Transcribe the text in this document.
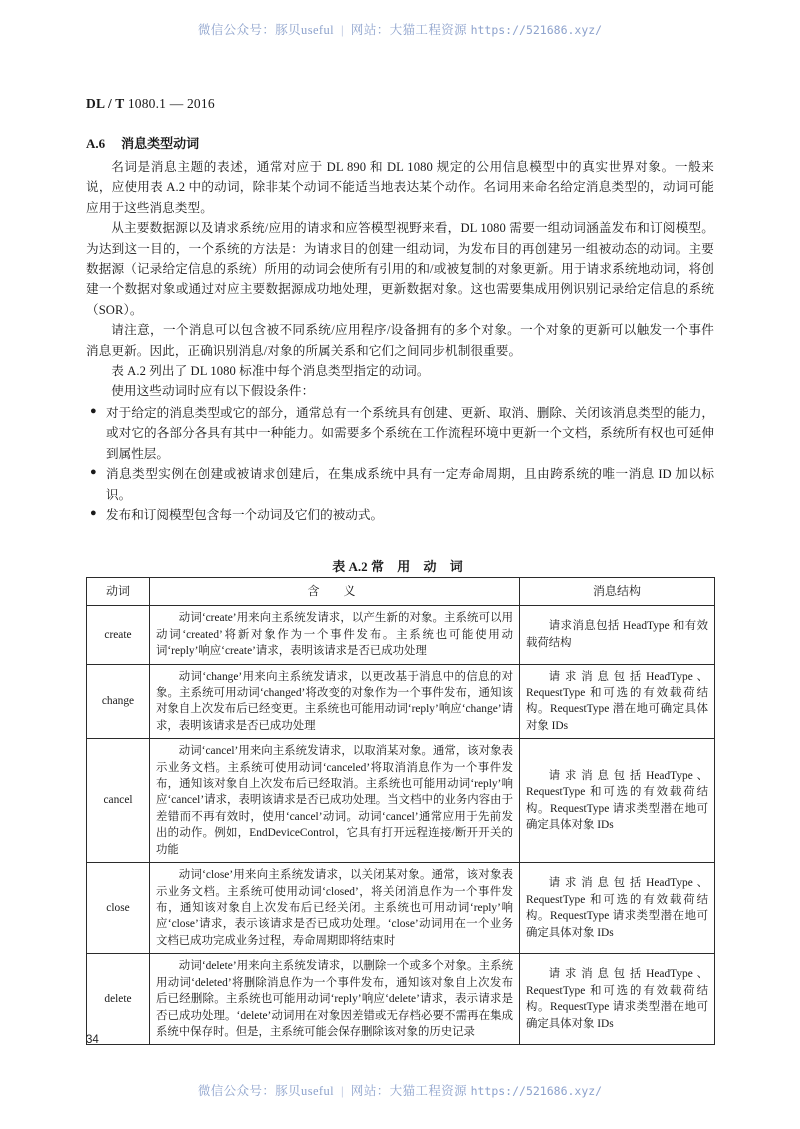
微信公众号：豚贝useful | 网站：大猫工程资源 https://521686.xyz/
DL / T 1080.1 — 2016
A.6 消息类型动词

名词是消息主题的表述，通常对应于 DL 890 和 DL 1080 规定的公用信息模型中的真实世界对象。一般来说，应使用表 A.2 中的动词，除非某个动词不能适当地表达某个动作。名词用来命名给定消息类型的，动词可能应用于这些消息类型。

从主要数据源以及请求系统/应用的请求和应答模型视野来看，DL 1080 需要一组动词涵盖发布和订阅模型。为达到这一目的，一个系统的方法是：为请求目的创建一组动词，为发布目的再创建另一组被动态的动词。主要数据源（记录给定信息的系统）所用的动词会使所有引用的和/或被复制的对象更新。用于请求系统地动词，将创建一个数据对象或通过对应主要数据源成功地处理，更新数据对象。这也需要集成用例识别记录给定信息的系统（SOR）。

请注意，一个消息可以包含被不同系统/应用程序/设备拥有的多个对象。一个对象的更新可以触发一个事件消息更新。因此，正确识别消息/对象的所属关系和它们之间同步机制很重要。

表 A.2 列出了 DL 1080 标准中每个消息类型指定的动词。

使用这些动词时应有以下假设条件：

● 对于给定的消息类型或它的部分，通常总有一个系统具有创建、更新、取消、删除、关闭该消息类型的能力，或对它的各部分各具有其中一种能力。如需要多个系统在工作流程环境中更新一个文档，系统所有权也可延伸到属性层。
● 消息类型实例在创建或被请求创建后，在集成系统中具有一定寿命周期，且由跨系统的唯一消息 ID 加以标识。
● 发布和订阅模型包含每一个动词及它们的被动式。
表 A.2 常 用 动 词
动词	含　义	消息结构
create	动词‘create’用来向主系统发请求，以产生新的对象。主系统可以用动词‘created’将新对象作为一个事件发布。主系统也可能使用动词‘reply’响应‘create’请求，表明该请求是否已成功处理	请求消息包括 HeadType 和有效载荷结构
change	动词‘change’用来向主系统发请求，以更改基于消息中的信息的对象。主系统可用动词‘changed’将改变的对象作为一个事件发布，通知该对象自上次发布后已经变更。主系统也可能用动词‘reply’响应‘change’请求，表明该请求是否已成功处理	请 求 消 息 包 括 HeadType 、RequestType 和可选的有效载荷结构。RequestType 潜在地可确定具体对象 IDs
cancel	动词‘cancel’用来向主系统发请求，以取消某对象。通常，该对象表示业务文档。主系统可使用动词‘canceled’将取消消息作为一个事件发布，通知该对象自上次发布后已经取消。主系统也可能用动词‘reply’响应‘cancel’请求，表明该请求是否已成功处理。当文档中的业务内容由于差错而不再有效时，使用‘cancel’动词。动词‘cancel’通常应用于先前发出的动作。例如，EndDeviceControl，它具有打开远程连接/断开开关的功能	请 求 消 息 包 括 HeadType 、RequestType 和可选的有效载荷结构。RequestType 请求类型潜在地可确定具体对象 IDs
close	动词‘close’用来向主系统发请求，以关闭某对象。通常，该对象表示业务文档。主系统可使用动词‘closed’，将关闭消息作为一个事件发布，通知该对象自上次发布后已经关闭。主系统也可用动词‘reply’响应‘close’请求，表示该请求是否已成功处理。‘close’动词用在一个业务文档已成功完成业务过程，寿命周期即将结束时	请 求 消 息 包 括 HeadType 、RequestType 和可选的有效载荷结构。RequestType 请求类型潜在地可确定具体对象 IDs
delete	动词‘delete’用来向主系统发请求，以删除一个或多个对象。主系统用动词‘deleted’将删除消息作为一个事件发布，通知该对象自上次发布后已经删除。主系统也可能用动词‘reply’响应‘delete’请求，表示请求是否已成功处理。‘delete’动词用在对象因差错或无存档必要不需再在集成系统中保存时。但是，主系统可能会保存删除该对象的历史记录	请 求 消 息 包 括 HeadType 、RequestType 和可选的有效载荷结构。RequestType 请求类型潜在地可确定具体对象 IDs
34
微信公众号：豚贝useful | 网站：大猫工程资源 https://521686.xyz/
